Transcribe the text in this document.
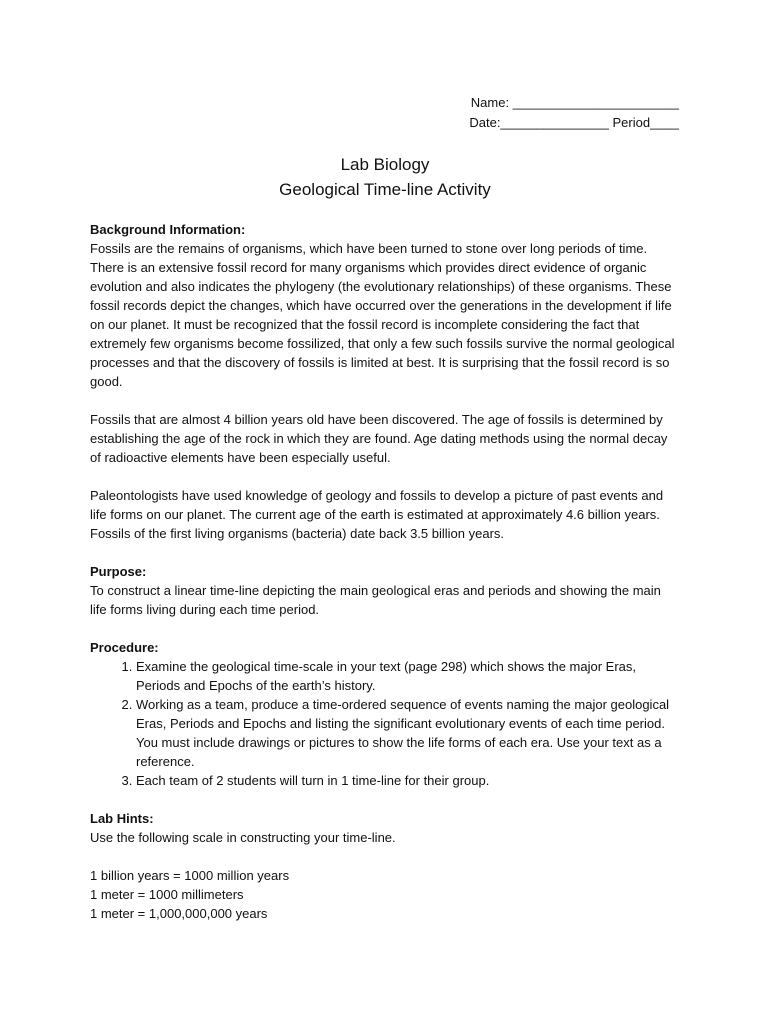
Name: _______________________
Date:_______________ Period____
Lab Biology
Geological Time-line Activity

Background Information:

Fossils are the remains of organisms, which have been turned to stone over long periods of time. There is an extensive fossil record for many organisms which provides direct evidence of organic evolution and also indicates the phylogeny (the evolutionary relationships) of these organisms. These fossil records depict the changes, which have occurred over the generations in the development if life on our planet. It must be recognized that the fossil record is incomplete considering the fact that extremely few organisms become fossilized, that only a few such fossils survive the normal geological processes and that the discovery of fossils is limited at best. It is surprising that the fossil record is so good.

Fossils that are almost 4 billion years old have been discovered. The age of fossils is determined by establishing the age of the rock in which they are found. Age dating methods using the normal decay of radioactive elements have been especially useful.

Paleontologists have used knowledge of geology and fossils to develop a picture of past events and life forms on our planet. The current age of the earth is estimated at approximately 4.6 billion years. Fossils of the first living organisms (bacteria) date back 3.5 billion years.

Purpose:

To construct a linear time-line depicting the main geological eras and periods and showing the main life forms living during each time period.

Procedure:

1. Examine the geological time-scale in your text (page 298) which shows the major Eras, Periods and Epochs of the earth’s history.
2. Working as a team, produce a time-ordered sequence of events naming the major geological Eras, Periods and Epochs and listing the significant evolutionary events of each time period. You must include drawings or pictures to show the life forms of each era. Use your text as a reference.
3. Each team of 2 students will turn in 1 time-line for their group.

Lab Hints:

Use the following scale in constructing your time-line.

1 billion years = 1000 million years

1 meter = 1000 millimeters

1 meter = 1,000,000,000 years
